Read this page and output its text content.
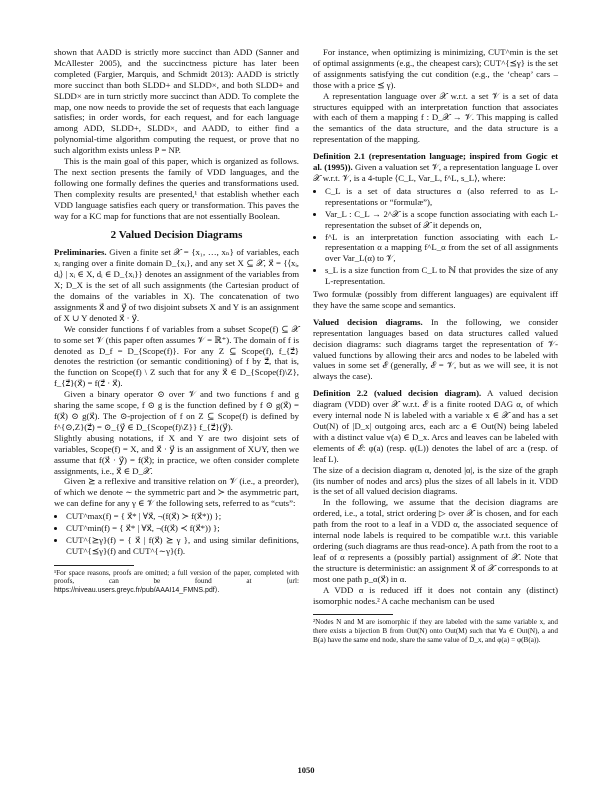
shown that AADD is strictly more succinct than ADD (Sanner and McAllester 2005), and the succinctness picture has later been completed (Fargier, Marquis, and Schmidt 2013): AADD is strictly more succinct than both SLDD+ and SLDD×, and both SLDD+ and SLDD× are in turn strictly more succinct than ADD. To complete the map, one now needs to provide the set of requests that each language satisfies; in order words, for each request, and for each language among ADD, SLDD+, SLDD×, and AADD, to either find a polynomial-time algorithm computing the request, or prove that no such algorithm exists unless P = NP.

This is the main goal of this paper, which is organized as follows. The next section presents the family of VDD languages, and the following one formally defines the queries and transformations used. Then complexity results are presented,¹ that establish whether each VDD language satisfies each query or transformation. This paves the way for a KC map for functions that are not essentially Boolean.

2 Valued Decision Diagrams

Preliminaries. Given a finite set 𝒳 = {x₁, …, xₙ} of variables, each xᵢ ranging over a finite domain D_{xᵢ}, and any set X ⊆ 𝒳, x⃗ = {⟨xᵢ, dᵢ⟩ | xᵢ ∈ X, dᵢ ∈ D_{xᵢ}} denotes an assignment of the variables from X; D_X is the set of all such assignments (the Cartesian product of the domains of the variables in X). The concatenation of two assignments x⃗ and y⃗ of two disjoint subsets X and Y is an assignment of X ∪ Y denoted x⃗ · y⃗.

We consider functions f of variables from a subset Scope(f) ⊆ 𝒳 to some set 𝒱 (this paper often assumes 𝒱 = ℝ⁺). The domain of f is denoted as D_f = D_{Scope(f)}. For any Z ⊆ Scope(f), f_{z⃗} denotes the restriction (or semantic conditioning) of f by z⃗, that is, the function on Scope(f) \ Z such that for any x⃗ ∈ D_{Scope(f)\Z}, f_{z⃗}(x⃗) = f(z⃗ · x⃗).

Given a binary operator ⊙ over 𝒱 and two functions f and g sharing the same scope, f ⊙ g is the function defined by f ⊙ g(x⃗) = f(x⃗) ⊙ g(x⃗). The ⊙-projection of f on Z ⊆ Scope(f) is defined by f^{⊙,Z}(z⃗) = ⊙_{y⃗ ∈ D_{Scope(f)\Z}} f_{z⃗}(y⃗).

Slightly abusing notations, if X and Y are two disjoint sets of variables, Scope(f) = X, and x⃗ · y⃗ is an assignment of X∪Y, then we assume that f(x⃗ · y⃗) = f(x⃗); in practice, we often consider complete assignments, i.e., x⃗ ∈ D_𝒳.

Given ⪰ a reflexive and transitive relation on 𝒱 (i.e., a preorder), of which we denote ∼ the symmetric part and ≻ the asymmetric part, we can define for any γ ∈ 𝒱 the following sets, referred to as “cuts”:

• CUT^max(f) = { x⃗* | ∀x⃗, ¬(f(x⃗) ≻ f(x⃗*)) };
• CUT^min(f) = { x⃗* | ∀x⃗, ¬(f(x⃗) ≺ f(x⃗*)) };
• CUT^{⪰γ}(f) = { x⃗ | f(x⃗) ⪰ γ }, and using similar definitions, CUT^{⪯γ}(f) and CUT^{∼γ}(f).

¹For space reasons, proofs are omitted; a full version of the paper, completed with proofs, can be found at ⟨url: https://niveau.users.greyc.fr/pub/AAAI14_FMNS.pdf⟩.

For instance, when optimizing is minimizing, CUT^min is the set of optimal assignments (e.g., the cheapest cars); CUT^{⪯γ} is the set of assignments satisfying the cut condition (e.g., the ‘cheap’ cars – those with a price ⪯ γ).

A representation language over 𝒳 w.r.t. a set 𝒱 is a set of data structures equipped with an interpretation function that associates with each of them a mapping f : D_𝒳 → 𝒱. This mapping is called the semantics of the data structure, and the data structure is a representation of the mapping.

Definition 2.1 (representation language; inspired from Gogic et al. (1995)). Given a valuation set 𝒱, a representation language L over 𝒳 w.r.t. 𝒱, is a 4-tuple ⟨C_L, Var_L, f^L, s_L⟩, where:

• C_L is a set of data structures α (also referred to as L-representations or “formulæ”),
• Var_L : C_L → 2^𝒳 is a scope function associating with each L-representation the subset of 𝒳 it depends on,
• f^L is an interpretation function associating with each L-representation α a mapping f^L_α from the set of all assignments over Var_L(α) to 𝒱,
• s_L is a size function from C_L to ℕ that provides the size of any L-representation.

Two formulæ (possibly from different languages) are equivalent iff they have the same scope and semantics.

Valued decision diagrams. In the following, we consider representation languages based on data structures called valued decision diagrams: such diagrams target the representation of 𝒱-valued functions by allowing their arcs and nodes to be labeled with values in some set ℰ (generally, ℰ = 𝒱, but as we will see, it is not always the case).

Definition 2.2 (valued decision diagram). A valued decision diagram (VDD) over 𝒳 w.r.t. ℰ is a finite rooted DAG α, of which every internal node N is labeled with a variable x ∈ 𝒳 and has a set Out(N) of |D_x| outgoing arcs, each arc a ∈ Out(N) being labeled with a distinct value v(a) ∈ D_x. Arcs and leaves can be labeled with elements of ℰ: φ(a) (resp. φ(L)) denotes the label of arc a (resp. of leaf L).

The size of a decision diagram α, denoted |α|, is the size of the graph (its number of nodes and arcs) plus the sizes of all labels in it. VDD is the set of all valued decision diagrams.

In the following, we assume that the decision diagrams are ordered, i.e., a total, strict ordering ▷ over 𝒳 is chosen, and for each path from the root to a leaf in a VDD α, the associated sequence of internal node labels is required to be compatible w.r.t. this variable ordering (such diagrams are thus read-once). A path from the root to a leaf of α represents a (possibly partial) assignment of 𝒳. Note that the structure is deterministic: an assignment x⃗ of 𝒳 corresponds to at most one path p_α(x⃗) in α.

A VDD α is reduced iff it does not contain any (distinct) isomorphic nodes.² A cache mechanism can be used

²Nodes N and M are isomorphic if they are labeled with the same variable x, and there exists a bijection B from Out(N) onto Out(M) such that ∀a ∈ Out(N), a and B(a) have the same end node, share the same value of D_x, and φ(a) = φ(B(a)).

1050
